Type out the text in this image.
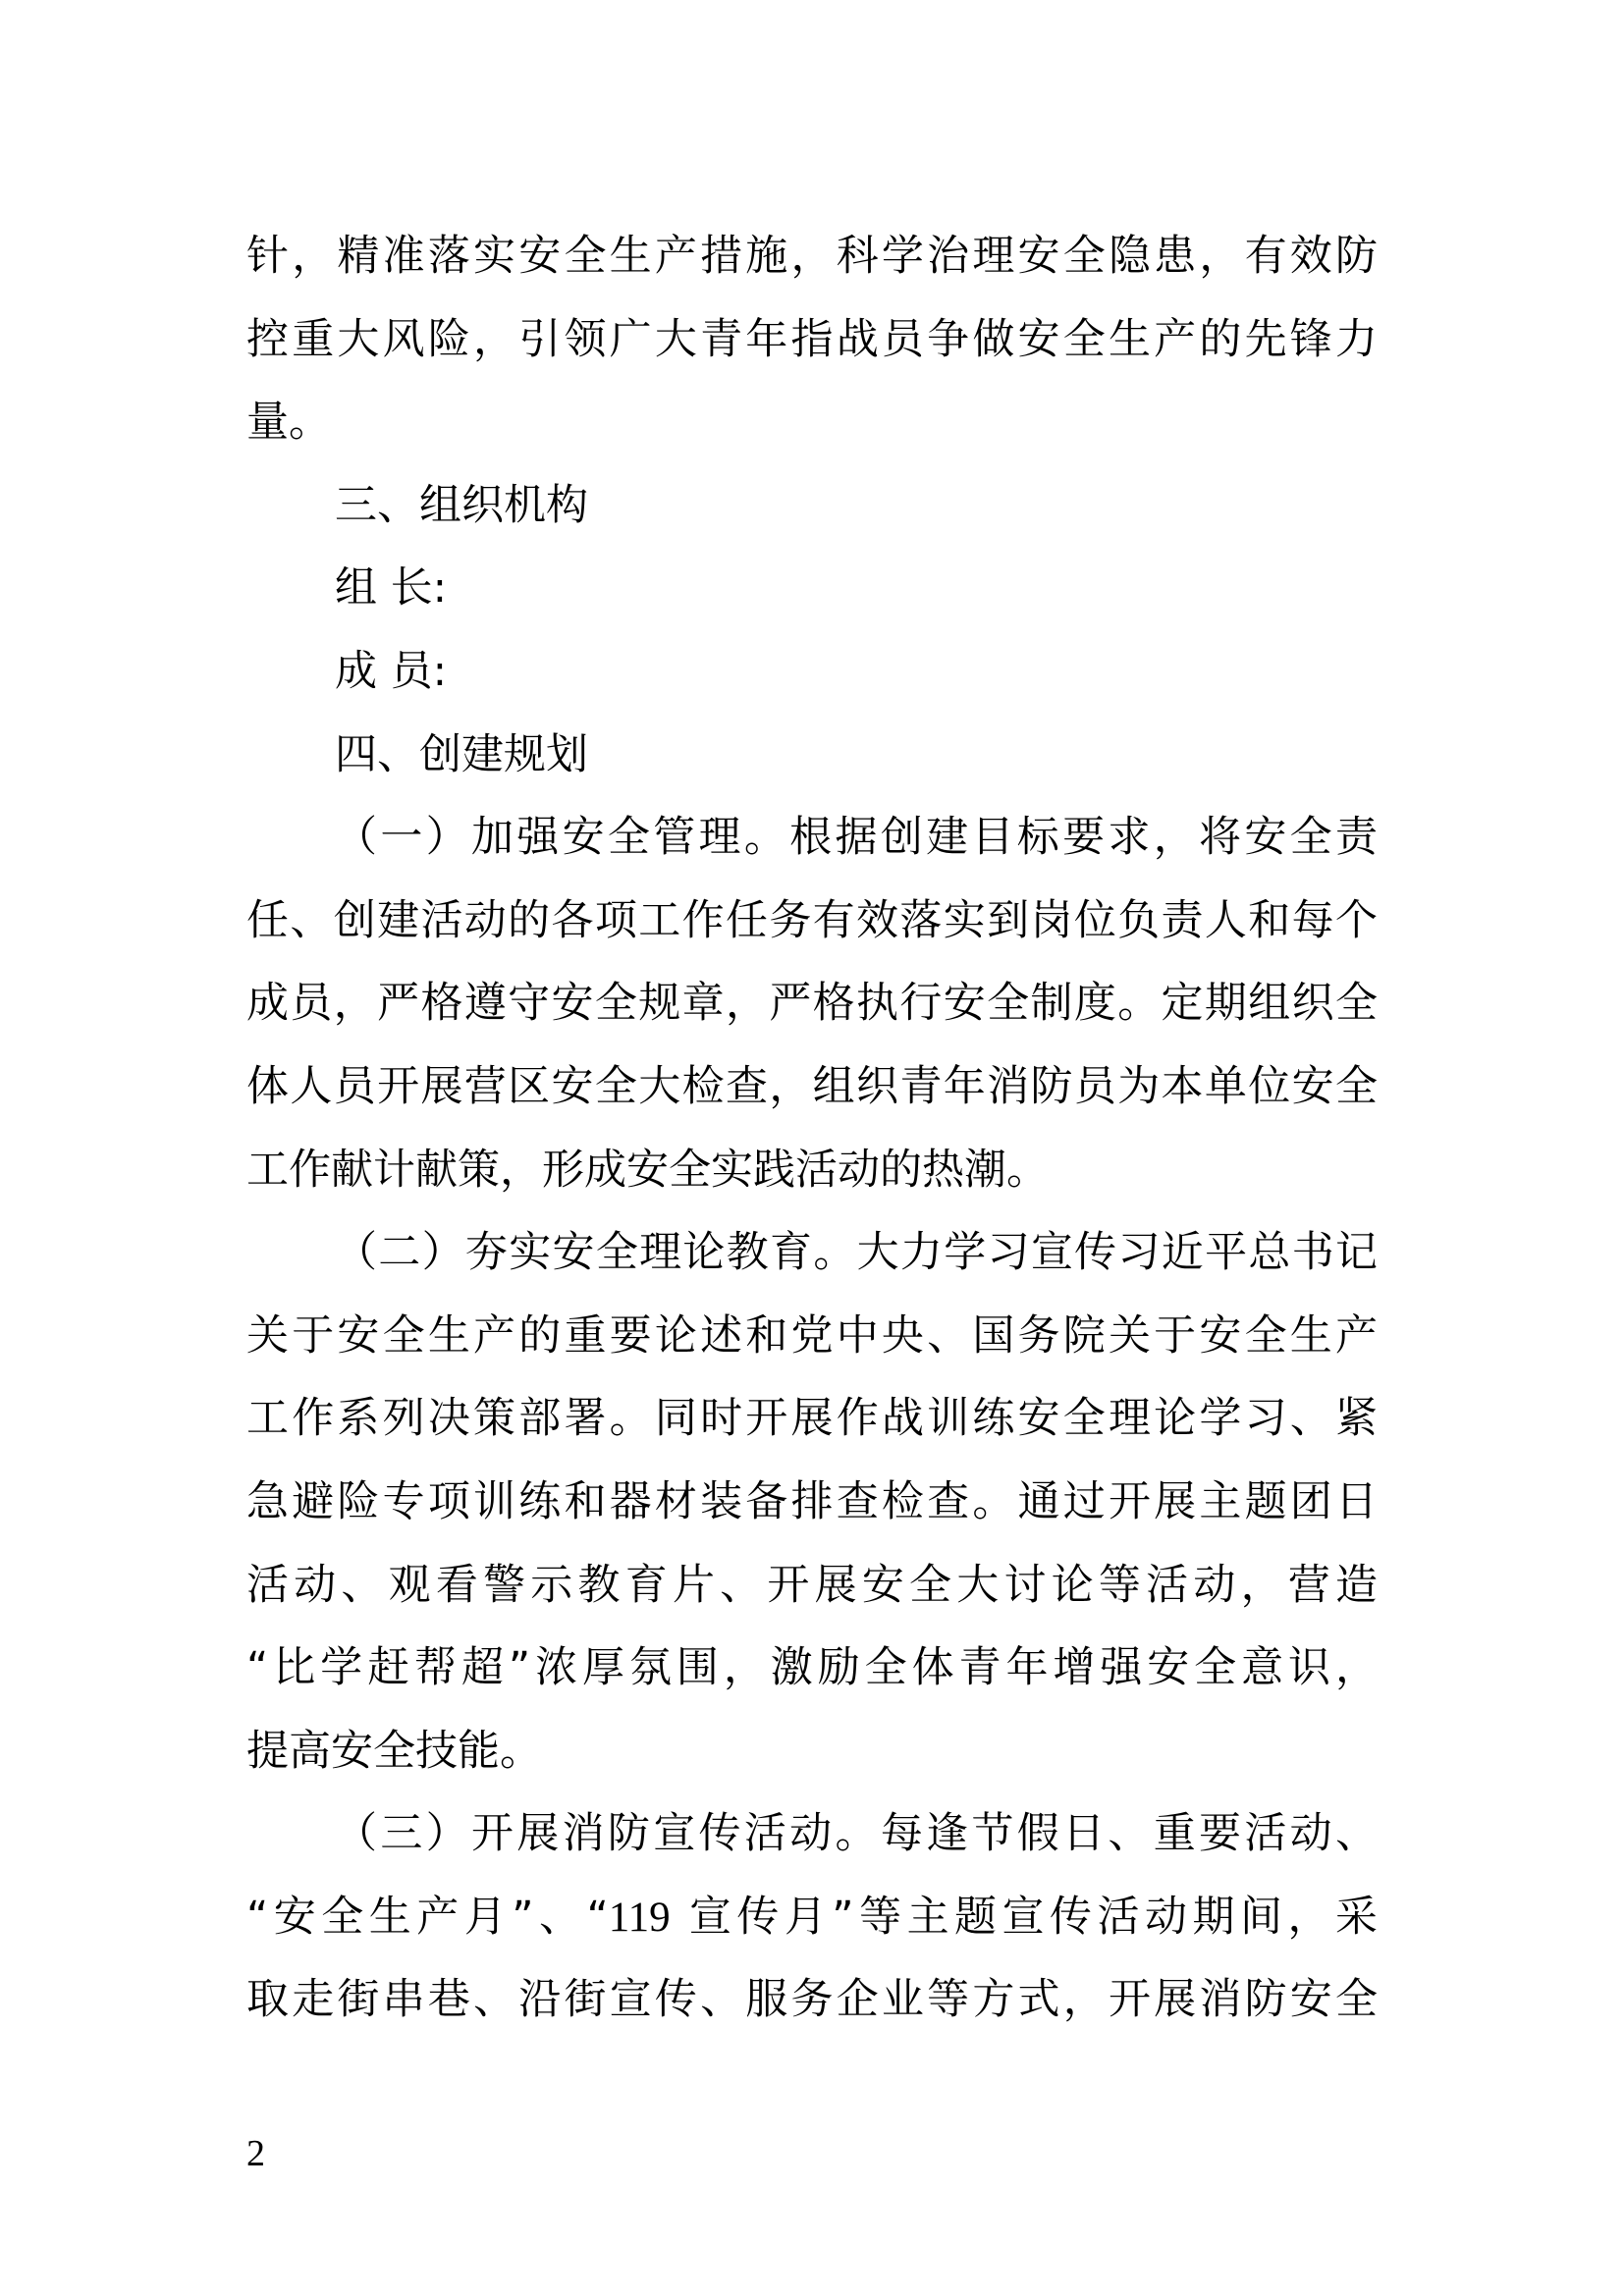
针，精准落实安全生产措施，科学治理安全隐患，有效防
控重大风险，引领广大青年指战员争做安全生产的先锋力
量。
三、组织机构
组 长:
成 员:
四、创建规划
（一）加强安全管理。根据创建目标要求，将安全责
任、创建活动的各项工作任务有效落实到岗位负责人和每个
成员，严格遵守安全规章，严格执行安全制度。定期组织全
体人员开展营区安全大检查，组织青年消防员为本单位安全
工作献计献策，形成安全实践活动的热潮。
（二）夯实安全理论教育。大力学习宣传习近平总书记
关于安全生产的重要论述和党中央、国务院关于安全生产
工作系列决策部署。同时开展作战训练安全理论学习、紧
急避险专项训练和器材装备排查检查。通过开展主题团日
活动、观看警示教育片、开展安全大讨论等活动，营造
“比学赶帮超”浓厚氛围，激励全体青年增强安全意识，
提高安全技能。
（三）开展消防宣传活动。每逢节假日、重要活动、
“安全生产月”、“119 宣传月”等主题宣传活动期间，采
取走街串巷、沿街宣传、服务企业等方式，开展消防安全
2
